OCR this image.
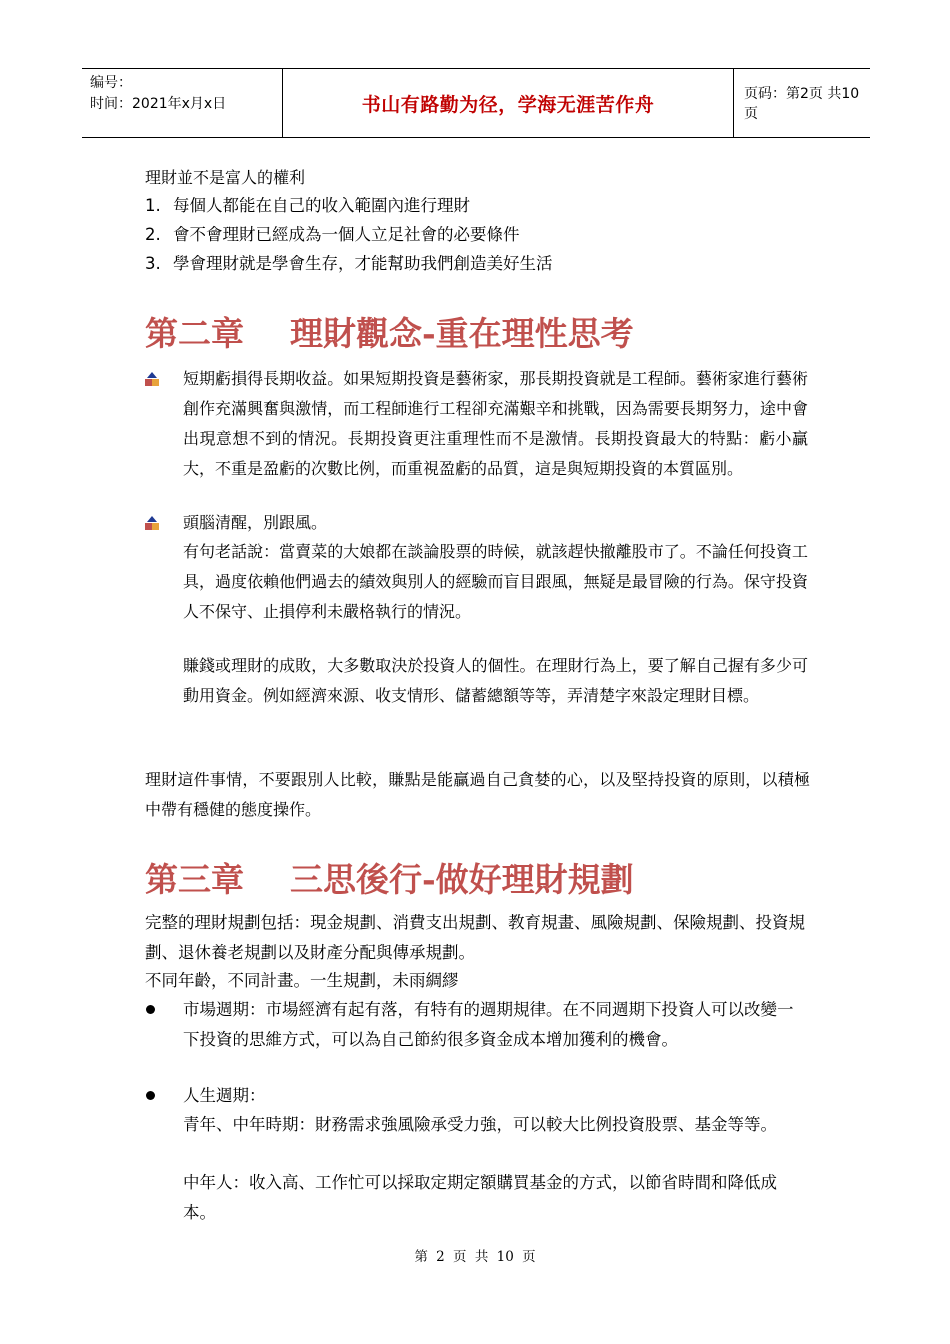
编号：
时间：2021年x月x日	书山有路勤为径，学海无涯苦作舟	页码：第2页 共10页
理財並不是富人的權利
1. 每個人都能在自己的收入範圍內進行理財
2. 會不會理財已經成為一個人立足社會的必要條件
3. 學會理財就是學會生存，才能幫助我們創造美好生活
第二章    理財觀念-重在理性思考
短期虧損得長期收益。如果短期投資是藝術家，那長期投資就是工程師。藝術家進行藝術創作充滿興奮與激情，而工程師進行工程卻充滿艱辛和挑戰，因為需要長期努力，途中會出現意想不到的情況。長期投資更注重理性而不是激情。長期投資最大的特點：虧小贏大，不重是盈虧的次數比例，而重視盈虧的品質，這是與短期投資的本質區別。
頭腦清醒，別跟風。
有句老話說：當賣菜的大娘都在談論股票的時候，就該趕快撤離股市了。不論任何投資工具，過度依賴他們過去的績效與別人的經驗而盲目跟風，無疑是最冒險的行為。保守投資人不保守、止損停利未嚴格執行的情況。
賺錢或理財的成敗，大多數取決於投資人的個性。在理財行為上，要了解自己握有多少可動用資金。例如經濟來源、收支情形、儲蓄總額等等，弄清楚字來設定理財目標。
理財這件事情，不要跟別人比較，賺點是能贏過自己貪婪的心，以及堅持投資的原則，以積極中帶有穩健的態度操作。
第三章    三思後行-做好理財規劃
完整的理財規劃包括：現金規劃、消費支出規劃、教育規畫、風險規劃、保險規劃、投資規劃、退休養老規劃以及財產分配與傳承規劃。
不同年齡，不同計畫。一生規劃，未雨綢繆
市場週期：市場經濟有起有落，有特有的週期規律。在不同週期下投資人可以改變一下投資的思維方式，可以為自己節約很多資金成本增加獲利的機會。
人生週期：
青年、中年時期：財務需求強風險承受力強，可以較大比例投資股票、基金等等。
中年人：收入高、工作忙可以採取定期定額購買基金的方式，以節省時間和降低成本。
第 2 页 共 10 页
